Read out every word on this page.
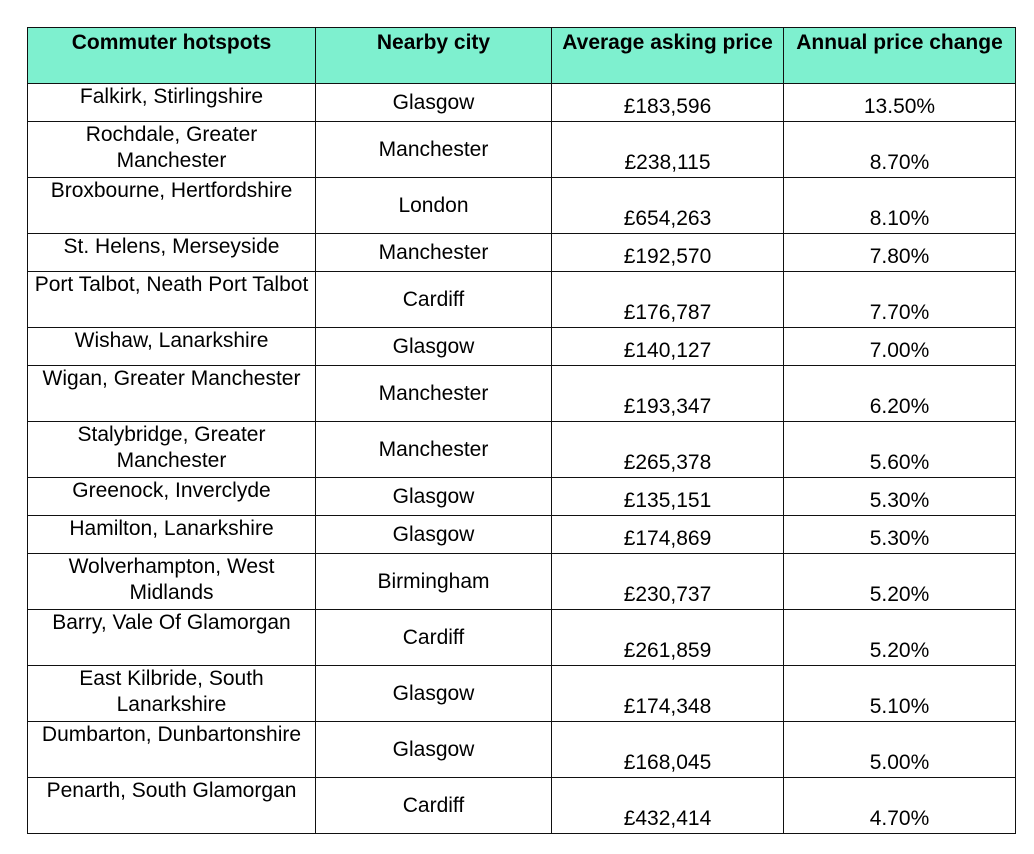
Commuter hotspots	Nearby city	Average asking price	Annual price change
Falkirk, Stirlingshire	Glasgow	£183,596	13.50%
Rochdale, Greater Manchester	Manchester	£238,115	8.70%
Broxbourne, Hertfordshire	London	£654,263	8.10%
St. Helens, Merseyside	Manchester	£192,570	7.80%
Port Talbot, Neath Port Talbot	Cardiff	£176,787	7.70%
Wishaw, Lanarkshire	Glasgow	£140,127	7.00%
Wigan, Greater Manchester	Manchester	£193,347	6.20%
Stalybridge, Greater Manchester	Manchester	£265,378	5.60%
Greenock, Inverclyde	Glasgow	£135,151	5.30%
Hamilton, Lanarkshire	Glasgow	£174,869	5.30%
Wolverhampton, West Midlands	Birmingham	£230,737	5.20%
Barry, Vale Of Glamorgan	Cardiff	£261,859	5.20%
East Kilbride, South Lanarkshire	Glasgow	£174,348	5.10%
Dumbarton, Dunbartonshire	Glasgow	£168,045	5.00%
Penarth, South Glamorgan	Cardiff	£432,414	4.70%
